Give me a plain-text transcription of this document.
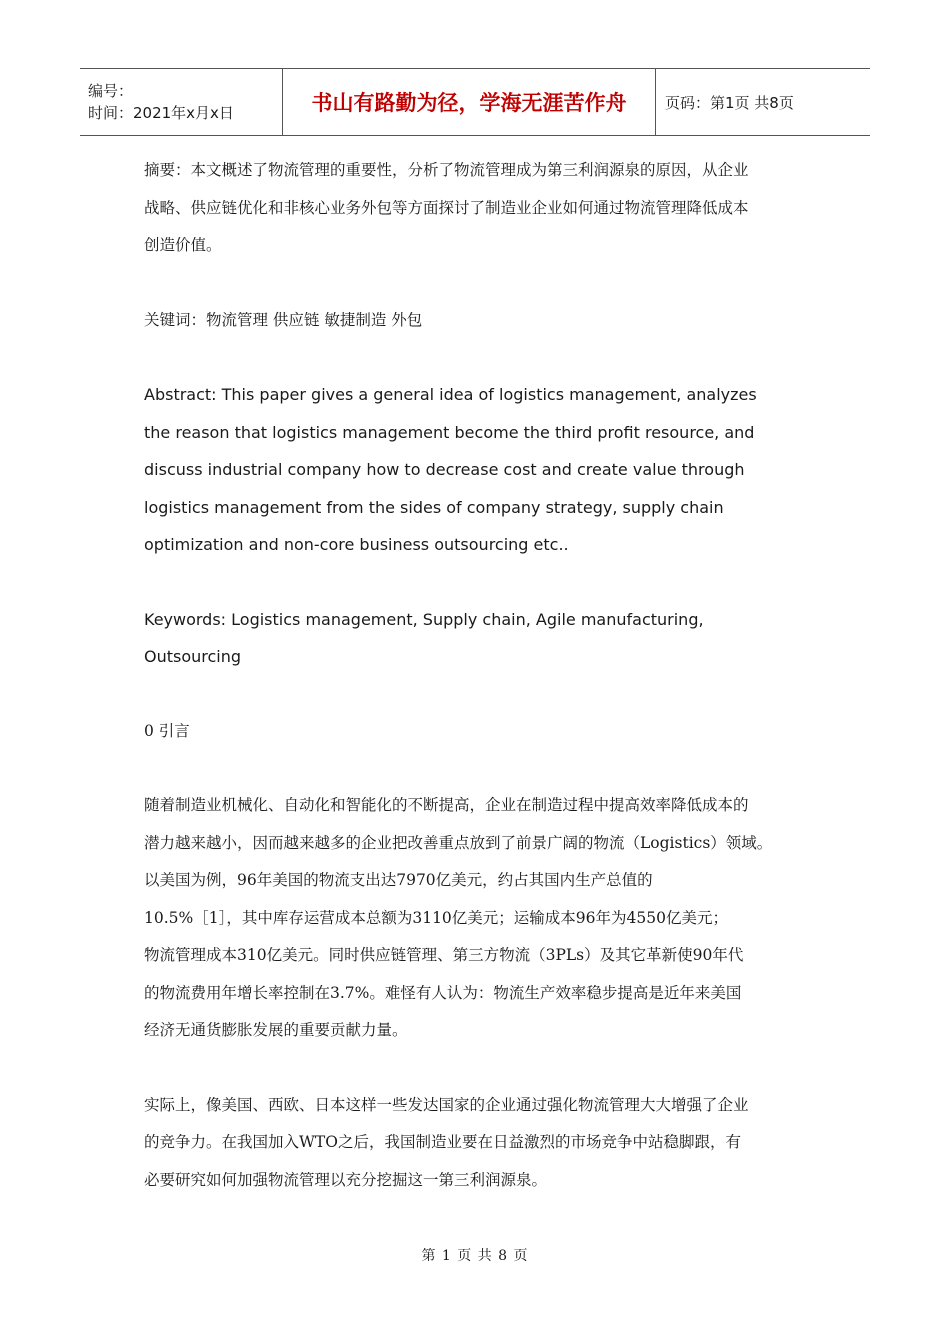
编号：
时间：2021年x月x日	书山有路勤为径，学海无涯苦作舟	页码：第1页 共8页

摘要：本文概述了物流管理的重要性，分析了物流管理成为第三利润源泉的原因，从企业

战略、供应链优化和非核心业务外包等方面探讨了制造业企业如何通过物流管理降低成本

创造价值。

关键词：物流管理 供应链 敏捷制造 外包

Abstract: This paper gives a general idea of logistics management, analyzes

the reason that logistics management become the third profit resource, and

discuss industrial company how to decrease cost and create value through

logistics management from the sides of company strategy, supply chain

optimization and non-core business outsourcing etc..

Keywords: Logistics management, Supply chain, Agile manufacturing,

Outsourcing

0 引言

随着制造业机械化、自动化和智能化的不断提高，企业在制造过程中提高效率降低成本的

潜力越来越小，因而越来越多的企业把改善重点放到了前景广阔的物流（Logistics）领域。

以美国为例，96年美国的物流支出达7970亿美元，约占其国内生产总值的

10.5%［1］，其中库存运营成本总额为3110亿美元；运输成本96年为4550亿美元；

物流管理成本310亿美元。同时供应链管理、第三方物流（3PLs）及其它革新使90年代

的物流费用年增长率控制在3.7%。难怪有人认为：物流生产效率稳步提高是近年来美国

经济无通货膨胀发展的重要贡献力量。

实际上，像美国、西欧、日本这样一些发达国家的企业通过强化物流管理大大增强了企业

的竞争力。在我国加入WTO之后，我国制造业要在日益激烈的市场竞争中站稳脚跟，有

必要研究如何加强物流管理以充分挖掘这一第三利润源泉。

第 1 页 共 8 页
